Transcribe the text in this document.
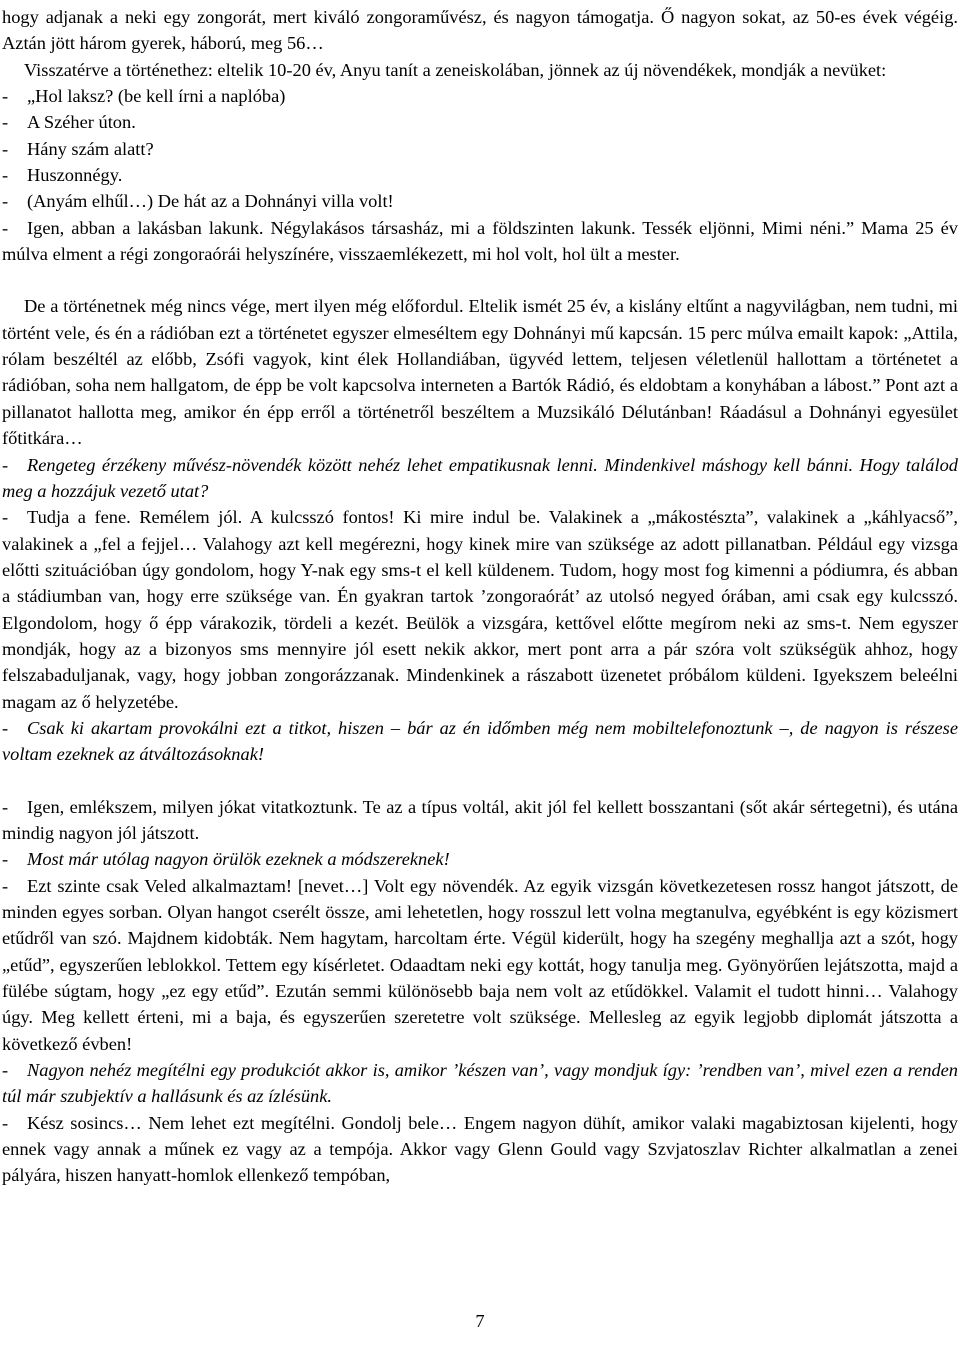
hogy adjanak a neki egy zongorát, mert kiváló zongoraművész, és nagyon támogatja. Ő nagyon sokat, az 50-es évek végéig. Aztán jött három gyerek, háború, meg 56…

Visszatérve a történethez: eltelik 10-20 év, Anyu tanít a zeneiskolában, jönnek az új növendékek, mondják a nevüket:

- „Hol laksz? (be kell írni a naplóba)

- A Széher úton.

- Hány szám alatt?

- Huszonnégy.

- (Anyám elhűl…) De hát az a Dohnányi villa volt!

- Igen, abban a lakásban lakunk. Négylakásos társasház, mi a földszinten lakunk. Tessék eljönni, Mimi néni.” Mama 25 év múlva elment a régi zongoraórái helyszínére, visszaemlékezett, mi hol volt, hol ült a mester.

De a történetnek még nincs vége, mert ilyen még előfordul. Eltelik ismét 25 év, a kislány eltűnt a nagyvilágban, nem tudni, mi történt vele, és én a rádióban ezt a történetet egyszer elmeséltem egy Dohnányi mű kapcsán. 15 perc múlva emailt kapok: „Attila, rólam beszéltél az előbb, Zsófi vagyok, kint élek Hollandiában, ügyvéd lettem, teljesen véletlenül hallottam a történetet a rádióban, soha nem hallgatom, de épp be volt kapcsolva interneten a Bartók Rádió, és eldobtam a konyhában a lábost.” Pont azt a pillanatot hallotta meg, amikor én épp erről a történetről beszéltem a Muzsikáló Délutánban! Ráadásul a Dohnányi egyesület főtitkára…

- Rengeteg érzékeny művész-növendék között nehéz lehet empatikusnak lenni. Mindenkivel máshogy kell bánni. Hogy találod meg a hozzájuk vezető utat?

- Tudja a fene. Remélem jól. A kulcsszó fontos! Ki mire indul be. Valakinek a „mákostészta”, valakinek a „káhlyacső”, valakinek a „fel a fejjel… Valahogy azt kell megérezni, hogy kinek mire van szüksége az adott pillanatban. Például egy vizsga előtti szituációban úgy gondolom, hogy Y-nak egy sms-t el kell küldenem. Tudom, hogy most fog kimenni a pódiumra, és abban a stádiumban van, hogy erre szüksége van. Én gyakran tartok ’zongoraórát’ az utolsó negyed órában, ami csak egy kulcsszó. Elgondolom, hogy ő épp várakozik, tördeli a kezét. Beülök a vizsgára, kettővel előtte megírom neki az sms-t. Nem egyszer mondják, hogy az a bizonyos sms mennyire jól esett nekik akkor, mert pont arra a pár szóra volt szükségük ahhoz, hogy felszabaduljanak, vagy, hogy jobban zongorázzanak. Mindenkinek a rászabott üzenetet próbálom küldeni. Igyekszem beleélni magam az ő helyzetébe.

- Csak ki akartam provokálni ezt a titkot, hiszen – bár az én időmben még nem mobiltelefonoztunk –, de nagyon is részese voltam ezeknek az átváltozásoknak!

- Igen, emlékszem, milyen jókat vitatkoztunk. Te az a típus voltál, akit jól fel kellett bosszantani (sőt akár sértegetni), és utána mindig nagyon jól játszott.

- Most már utólag nagyon örülök ezeknek a módszereknek!

- Ezt szinte csak Veled alkalmaztam! [nevet…] Volt egy növendék. Az egyik vizsgán következetesen rossz hangot játszott, de minden egyes sorban. Olyan hangot cserélt össze, ami lehetetlen, hogy rosszul lett volna megtanulva, egyébként is egy közismert etűdről van szó. Majdnem kidobták. Nem hagytam, harcoltam érte. Végül kiderült, hogy ha szegény meghallja azt a szót, hogy „etűd”, egyszerűen leblokkol. Tettem egy kísérletet. Odaadtam neki egy kottát, hogy tanulja meg. Gyönyörűen lejátszotta, majd a fülébe súgtam, hogy „ez egy etűd”. Ezután semmi különösebb baja nem volt az etűdökkel. Valamit el tudott hinni… Valahogy úgy. Meg kellett érteni, mi a baja, és egyszerűen szeretetre volt szüksége. Mellesleg az egyik legjobb diplomát játszotta a következő évben!

- Nagyon nehéz megítélni egy produkciót akkor is, amikor ’készen van’, vagy mondjuk így: ’rendben van’, mivel ezen a renden túl már szubjektív a hallásunk és az ízlésünk.

- Kész sosincs… Nem lehet ezt megítélni. Gondolj bele… Engem nagyon dühít, amikor valaki magabiztosan kijelenti, hogy ennek vagy annak a műnek ez vagy az a tempója. Akkor vagy Glenn Gould vagy Szvjatoszlav Richter alkalmatlan a zenei pályára, hiszen hanyatt-homlok ellenkező tempóban,

7
